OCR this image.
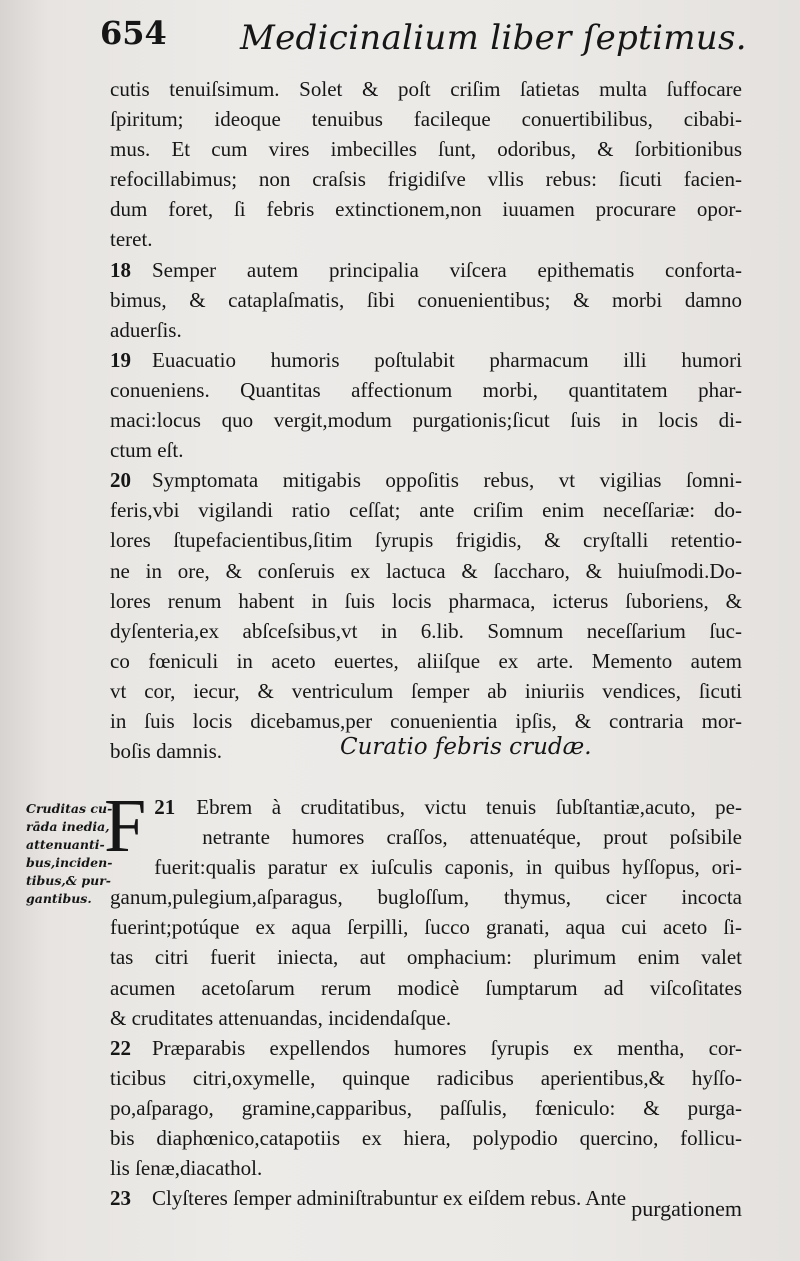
654 Medicinalium liber ſeptimus.
cutis tenuiſsimum. Solet & poſt criſim ſatietas multa ſuffocare
ſpiritum; ideoque tenuibus facileque conuertibilibus, cibabi-
mus. Et cum vires imbecilles ſunt, odoribus, & ſorbitionibus
refocillabimus; non craſsis frigidiſve vllis rebus: ſicuti facien-
dum foret, ſi febris extinctionem,non iuuamen procurare opor-
teret.
18 Semper autem principalia viſcera epithematis conforta-
bimus, & cataplaſmatis, ſibi conuenientibus; & morbi damno
aduerſis.
19 Euacuatio humoris poſtulabit pharmacum illi humori
conueniens. Quantitas affectionum morbi, quantitatem phar-
maci:locus quo vergit,modum purgationis;ſicut ſuis in locis di-
ctum eſt.
20 Symptomata mitigabis oppoſitis rebus, vt vigilias ſomni-
feris,vbi vigilandi ratio ceſſat; ante criſim enim neceſſariæ: do-
lores ſtupefacientibus,ſitim ſyrupis frigidis, & cryſtalli retentio-
ne in ore, & conſeruis ex lactuca & ſaccharo, & huiuſmodi.Do-
lores renum habent in ſuis locis pharmaca, icterus ſuboriens, &
dyſenteria,ex abſceſsibus,vt in 6.lib. Somnum neceſſarium ſuc-
co fœniculi in aceto euertes, aliiſque ex arte. Memento autem
vt cor, iecur, & ventriculum ſemper ab iniuriis vendices, ſicuti
in ſuis locis dicebamus,per conuenientia ipſis, & contraria mor-
boſis damnis.	Curatio febris crudæ.
Cruditas cu-
rāda inedia,
attenuanti-
bus,inciden-
tibus,& pur-
gantibus.
21
F Ebrem à cruditatibus, victu tenuis ſubſtantiæ,acuto, pe-
netrante humores craſſos, attenuatéque, prout poſsibile
fuerit:qualis paratur ex iuſculis caponis, in quibus hyſſopus, ori-
ganum,pulegium,aſparagus, bugloſſum, thymus, cicer incocta
fuerint;potúque ex aqua ſerpilli, ſucco granati, aqua cui aceto ſi-
tas citri fuerit iniecta, aut omphacium: plurimum enim valet
acumen acetoſarum rerum modicè ſumptarum ad viſcoſitates
& cruditates attenuandas, incidendaſque.
22 Præparabis expellendos humores ſyrupis ex mentha, cor-
ticibus citri,oxymelle, quinque radicibus aperientibus,& hyſſo-
po,aſparago, gramine,capparibus, paſſulis, fœniculo: & purga-
bis diaphœnico,catapotiis ex hiera, polypodio quercino, follicu-
lis ſenæ,diacathol.
23 Clyſteres ſemper adminiſtrabuntur ex eiſdem rebus. Ante purgationem
